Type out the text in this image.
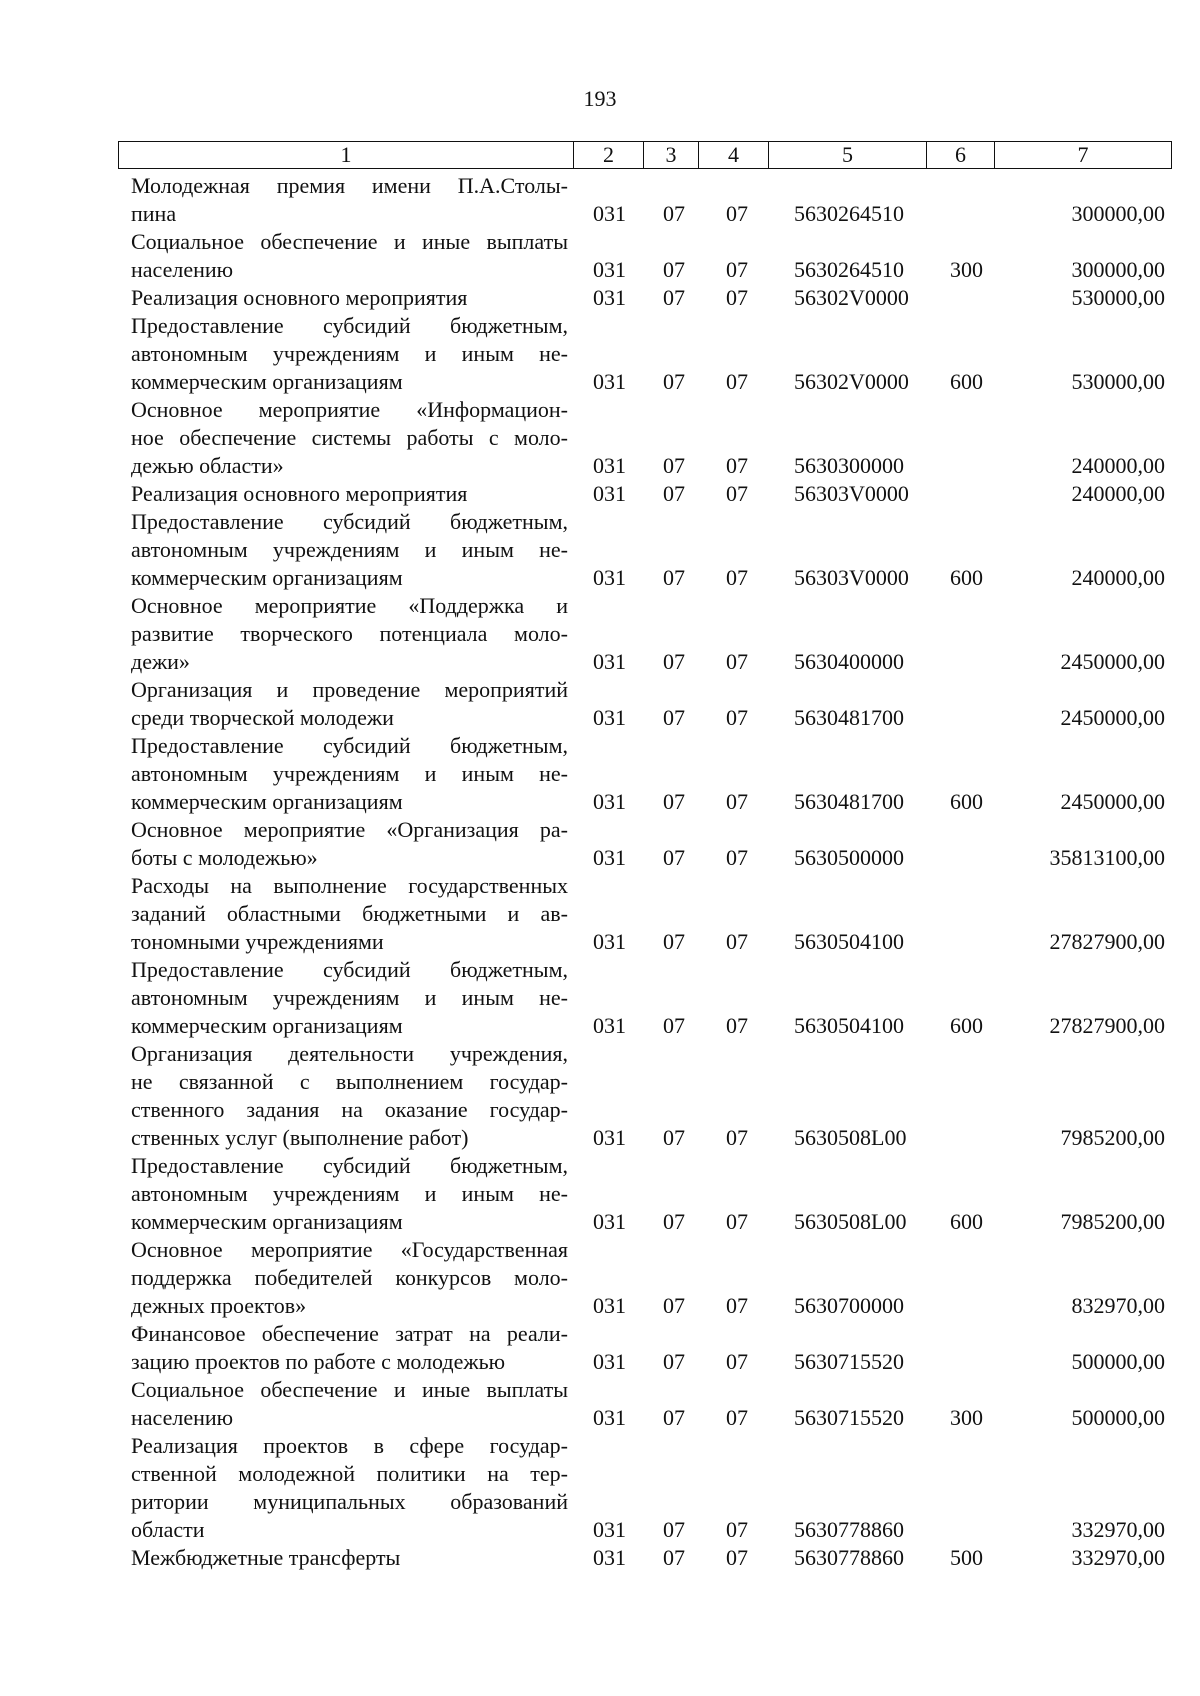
193
1	2	3	4	5	6	7
Молодежная премия имени П.А.Столы-
пина	031 07 07 5630264510	300000,00
Социальное обеспечение и иные выплаты
населению	031 07 07 5630264510 300	300000,00
Реализация основного мероприятия	031 07 07 56302V0000	530000,00
Предоставление субсидий бюджетным,
автономным учреждениям и иным не-
коммерческим организациям	031 07 07 56302V0000 600	530000,00
Основное мероприятие «Информацион-
ное обеспечение системы работы с моло-
дежью области»	031 07 07 5630300000	240000,00
Реализация основного мероприятия	031 07 07 56303V0000	240000,00
Предоставление субсидий бюджетным,
автономным учреждениям и иным не-
коммерческим организациям	031 07 07 56303V0000 600	240000,00
Основное мероприятие «Поддержка и
развитие творческого потенциала моло-
дежи»	031 07 07 5630400000	2450000,00
Организация и проведение мероприятий
среди творческой молодежи	031 07 07 5630481700	2450000,00
Предоставление субсидий бюджетным,
автономным учреждениям и иным не-
коммерческим организациям	031 07 07 5630481700 600	2450000,00
Основное мероприятие «Организация ра-
боты с молодежью»	031 07 07 5630500000	35813100,00
Расходы на выполнение государственных
заданий областными бюджетными и ав-
тономными учреждениями	031 07 07 5630504100	27827900,00
Предоставление субсидий бюджетным,
автономным учреждениям и иным не-
коммерческим организациям	031 07 07 5630504100 600	27827900,00
Организация деятельности учреждения,
не связанной с выполнением государ-
ственного задания на оказание государ-
ственных услуг (выполнение работ)	031 07 07 5630508L00	7985200,00
Предоставление субсидий бюджетным,
автономным учреждениям и иным не-
коммерческим организациям	031 07 07 5630508L00 600	7985200,00
Основное мероприятие «Государственная
поддержка победителей конкурсов моло-
дежных проектов»	031 07 07 5630700000	832970,00
Финансовое обеспечение затрат на реали-
зацию проектов по работе с молодежью	031 07 07 5630715520	500000,00
Социальное обеспечение и иные выплаты
населению	031 07 07 5630715520 300	500000,00
Реализация проектов в сфере государ-
ственной молодежной политики на тер-
ритории муниципальных образований
области	031 07 07 5630778860	332970,00
Межбюджетные трансферты	031 07 07 5630778860 500	332970,00
